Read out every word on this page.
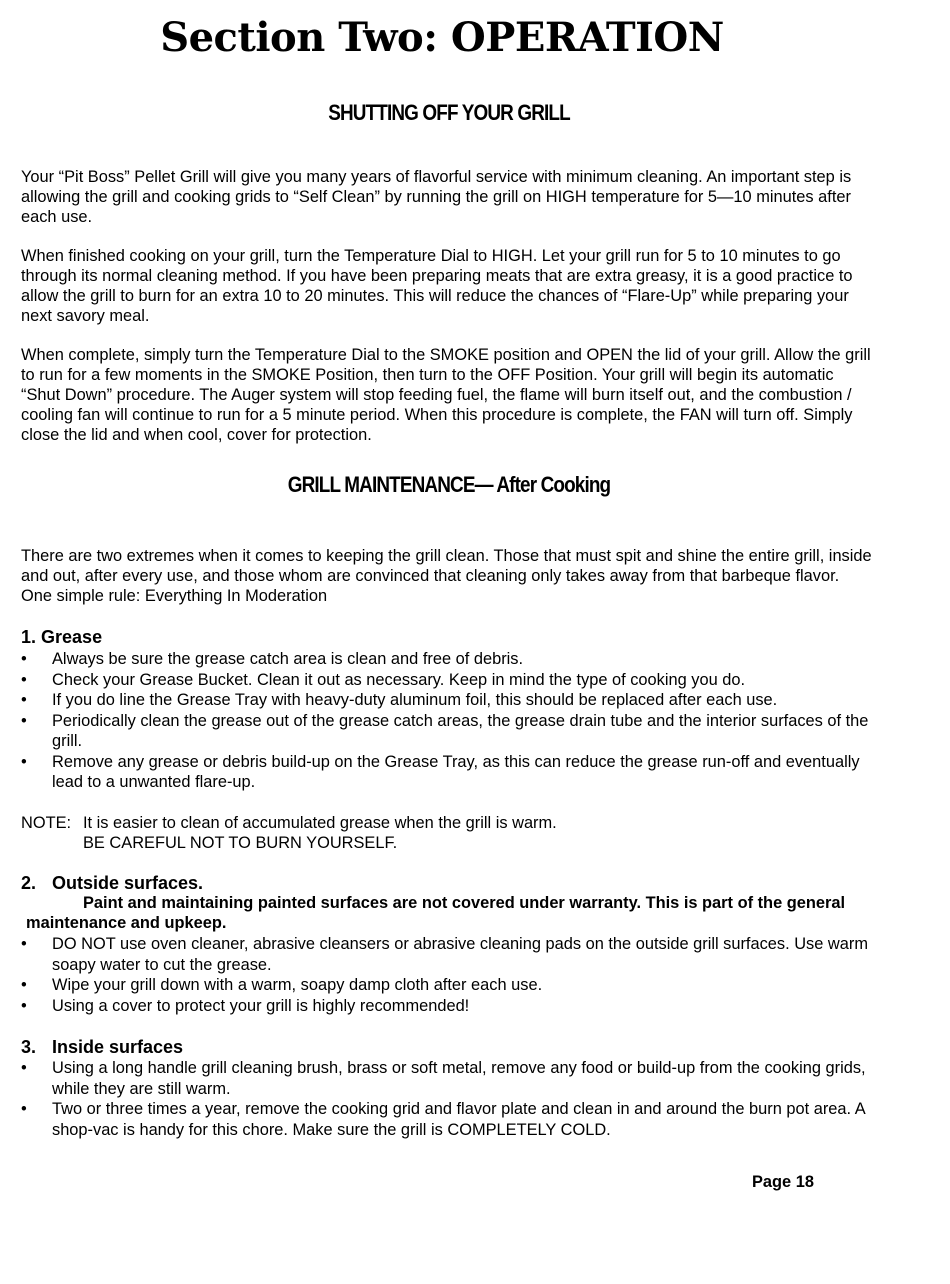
Section Two: OPERATION
SHUTTING OFF YOUR GRILL

Your “Pit Boss” Pellet Grill will give you many years of flavorful service with minimum cleaning. An important step is allowing the grill and cooking grids to “Self Clean” by running the grill on HIGH temperature for 5—10 minutes after each use.

When finished cooking on your grill, turn the Temperature Dial to HIGH. Let your grill run for 5 to 10 minutes to go through its normal cleaning method. If you have been preparing meats that are extra greasy, it is a good practice to allow the grill to burn for an extra 10 to 20 minutes. This will reduce the chances of “Flare-Up” while preparing your next savory meal.

When complete, simply turn the Temperature Dial to the SMOKE position and OPEN the lid of your grill. Allow the grill to run for a few moments in the SMOKE Position, then turn to the OFF Position. Your grill will begin its automatic “Shut Down” procedure. The Auger system will stop feeding fuel, the flame will burn itself out, and the combustion / cooling fan will continue to run for a 5 minute period. When this procedure is complete, the FAN will turn off. Simply close the lid and when cool, cover for protection.

GRILL MAINTENANCE— After Cooking

There are two extremes when it comes to keeping the grill clean. Those that must spit and shine the entire grill, inside and out, after every use, and those whom are convinced that cleaning only takes away from that barbeque flavor. One simple rule: Everything In Moderation

1. Grease
• Always be sure the grease catch area is clean and free of debris.
• Check your Grease Bucket. Clean it out as necessary. Keep in mind the type of cooking you do.
• If you do line the Grease Tray with heavy-duty aluminum foil, this should be replaced after each use.
• Periodically clean the grease out of the grease catch areas, the grease drain tube and the interior surfaces of the grill.
• Remove any grease or debris build-up on the Grease Tray, as this can reduce the grease run-off and eventually lead to a unwanted flare-up.
NOTE: It is easier to clean of accumulated grease when the grill is warm.
BE CAREFUL NOT TO BURN YOURSELF.
2. Outside surfaces.

Paint and maintaining painted surfaces are not covered under warranty. This is part of the general maintenance and upkeep.

• DO NOT use oven cleaner, abrasive cleansers or abrasive cleaning pads on the outside grill surfaces. Use warm soapy water to cut the grease.
• Wipe your grill down with a warm, soapy damp cloth after each use.
• Using a cover to protect your grill is highly recommended!
3. Inside surfaces
• Using a long handle grill cleaning brush, brass or soft metal, remove any food or build-up from the cooking grids, while they are still warm.
• Two or three times a year, remove the cooking grid and flavor plate and clean in and around the burn pot area. A shop-vac is handy for this chore. Make sure the grill is COMPLETELY COLD.
Page 18
